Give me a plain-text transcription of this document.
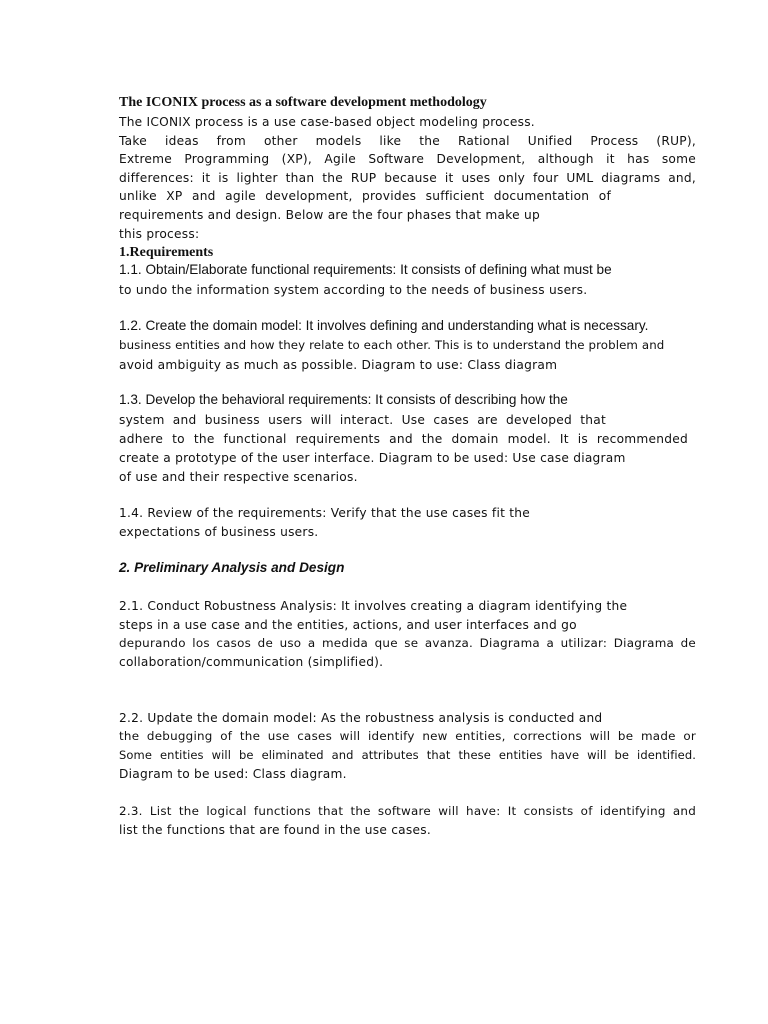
The ICONIX process as a software development methodology
The ICONIX process is a use case-based object modeling process.
Take ideas from other models like the Rational Unified Process (RUP),
Extreme Programming (XP), Agile Software Development, although it has some
differences: it is lighter than the RUP because it uses only four UML diagrams and,
unlike XP and agile development, provides sufficient documentation of
requirements and design. Below are the four phases that make up
this process:
1.Requirements
1.1. Obtain/Elaborate functional requirements: It consists of defining what must be
to undo the information system according to the needs of business users.
1.2. Create the domain model: It involves defining and understanding what is necessary.
business entities and how they relate to each other. This is to understand the problem and
avoid ambiguity as much as possible. Diagram to use: Class diagram
1.3. Develop the behavioral requirements: It consists of describing how the
system and business users will interact. Use cases are developed that
adhere to the functional requirements and the domain model. It is recommended
create a prototype of the user interface. Diagram to be used: Use case diagram
of use and their respective scenarios.
1.4. Review of the requirements: Verify that the use cases fit the
expectations of business users.
2. Preliminary Analysis and Design
2.1. Conduct Robustness Analysis: It involves creating a diagram identifying the
steps in a use case and the entities, actions, and user interfaces and go
depurando los casos de uso a medida que se avanza. Diagrama a utilizar: Diagrama de
collaboration/communication (simplified).
2.2. Update the domain model: As the robustness analysis is conducted and
the debugging of the use cases will identify new entities, corrections will be made or
Some entities will be eliminated and attributes that these entities have will be identified.
Diagram to be used: Class diagram.
2.3. List the logical functions that the software will have: It consists of identifying and
list the functions that are found in the use cases.
